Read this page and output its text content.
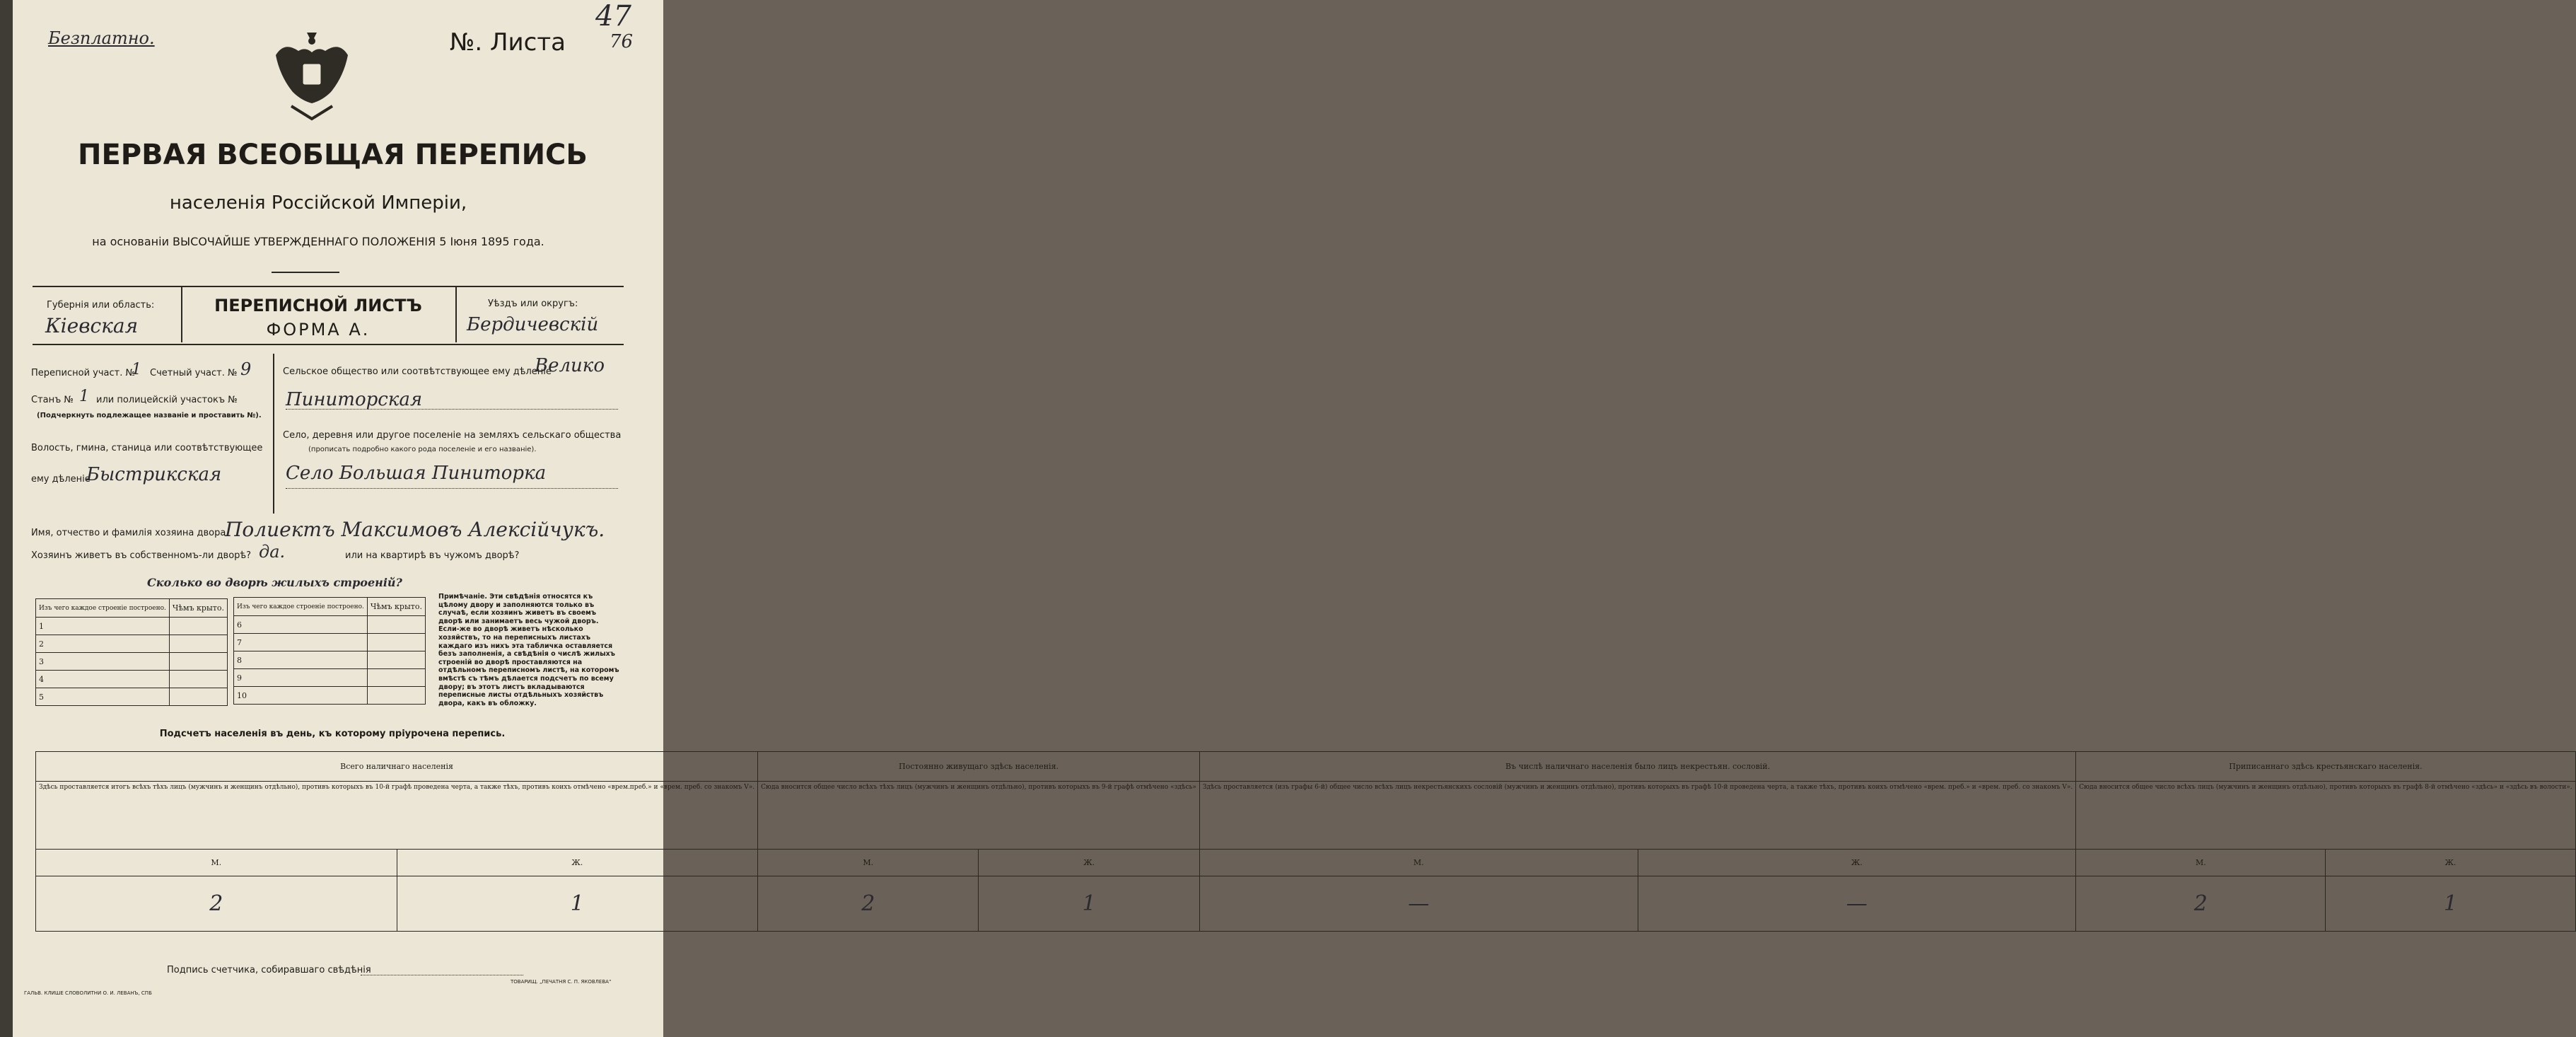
Безплатно.	№. Листа
47
76
ПЕРВАЯ ВСЕОБЩАЯ ПЕРЕПИСЬ
населенія Россійской Имперіи,
на основаніи ВЫСОЧАЙШЕ УТВЕРЖДЕННАГО ПОЛОЖЕНІЯ 5 Іюня 1895 года.
Губернія или область:
Кіевская
ПЕРЕПИСНОЙ ЛИСТЪ
ФОРМА А.
Уѣздъ или округъ:
Бердичевскій
Переписной участ. №
1 Счетный участ. № 9
Станъ № 1 или полицейскій участокъ №
(Подчеркнуть подлежащее названіе и проставить №).
Волость, гмина, станица или соотвѣтствующее
ему дѣленіе
Быстрикская
Сельское общество или соотвѣтствующее ему дѣленіе
Велико
Пиниторская
Село, деревня или другое поселеніе на земляхъ сельскаго общества
(прописать подробно какого рода поселеніе и его названіе).
Село Большая Пиниторка
Имя, отчество и фамилія хозяина двора
Полиектъ Максимовъ Алексійчукъ.
Хозяинъ живетъ въ собственномъ-ли дворѣ? да.	или на квартирѣ въ чужомъ дворѣ?
Сколько во дворѣ жилыхъ строеній?
Изъ чего каждое строеніе построено.	Чѣмъ крыто.
1	
2	
3	
4	
5	
Изъ чего каждое строеніе построено.	Чѣмъ крыто.
6	
7	
8	
9	
10	
Примѣчаніе. Эти свѣдѣнія относятся къ цѣлому двору и заполняются только въ случаѣ, если хозяинъ живетъ въ своемъ дворѣ или занимаетъ весь чужой дворъ. Если-же во дворѣ живетъ нѣсколько хозяйствъ, то на переписныхъ листахъ каждаго изъ нихъ эта табличка оставляется безъ заполненія, а свѣдѣнія о числѣ жилыхъ строеній во дворѣ проставляются на отдѣльномъ переписномъ листѣ, на которомъ вмѣстѣ съ тѣмъ дѣлается подсчетъ по всему двору; въ этотъ листъ вкладываются переписные листы отдѣльныхъ хозяйствъ двора, какъ въ обложку.
Подсчетъ населенія въ день, къ которому пріурочена перепись.
Всего наличнаго населенія		Постоянно живущаго здѣсь населенія.		Въ числѣ наличнаго населенія было лицъ некрестьян. сословій.		Приписаннаго здѣсь крестьянскаго населенія.	
Здѣсь проставляется итогъ всѣхъ тѣхъ лицъ (мужчинъ и женщинъ отдѣльно), противъ которыхъ въ 10-й графѣ проведена черта, а также тѣхъ, противъ коихъ отмѣчено «врем.преб.» и «врем. преб. со знакомъ V».		Сюда вносится общее число всѣхъ тѣхъ лицъ (мужчинъ и женщинъ отдѣльно), противъ которыхъ въ 9-й графѣ отмѣчено «здѣсь»		Здѣсь проставляется (изъ графы 6-й) общее число всѣхъ лицъ некрестьянскихъ сословій (мужчинъ и женщинъ отдѣльно), противъ которыхъ въ графѣ 10-й проведена черта, а также тѣхъ, противъ коихъ отмѣчено «врем. преб.» и «врем. преб. со знакомъ V».		Сюда вносится общее число всѣхъ лицъ (мужчинъ и женщинъ отдѣльно), противъ которыхъ въ графѣ 8-й отмѣчено «здѣсь» и «здѣсь въ волости».	
М.	Ж.	М.	Ж.	М.	Ж.	М.	Ж.
2	1	2	1	—	—	2	1
Подпись счетчика, собиравшаго свѣдѣнія
ГАЛЬВ. КЛИШЕ СЛОВОЛИТНИ О. И. ЛЕВАНЪ, СПБ
ТОВАРИЩ. „ПЕЧАТНЯ С. П. ЯКОВЛЕВА“
